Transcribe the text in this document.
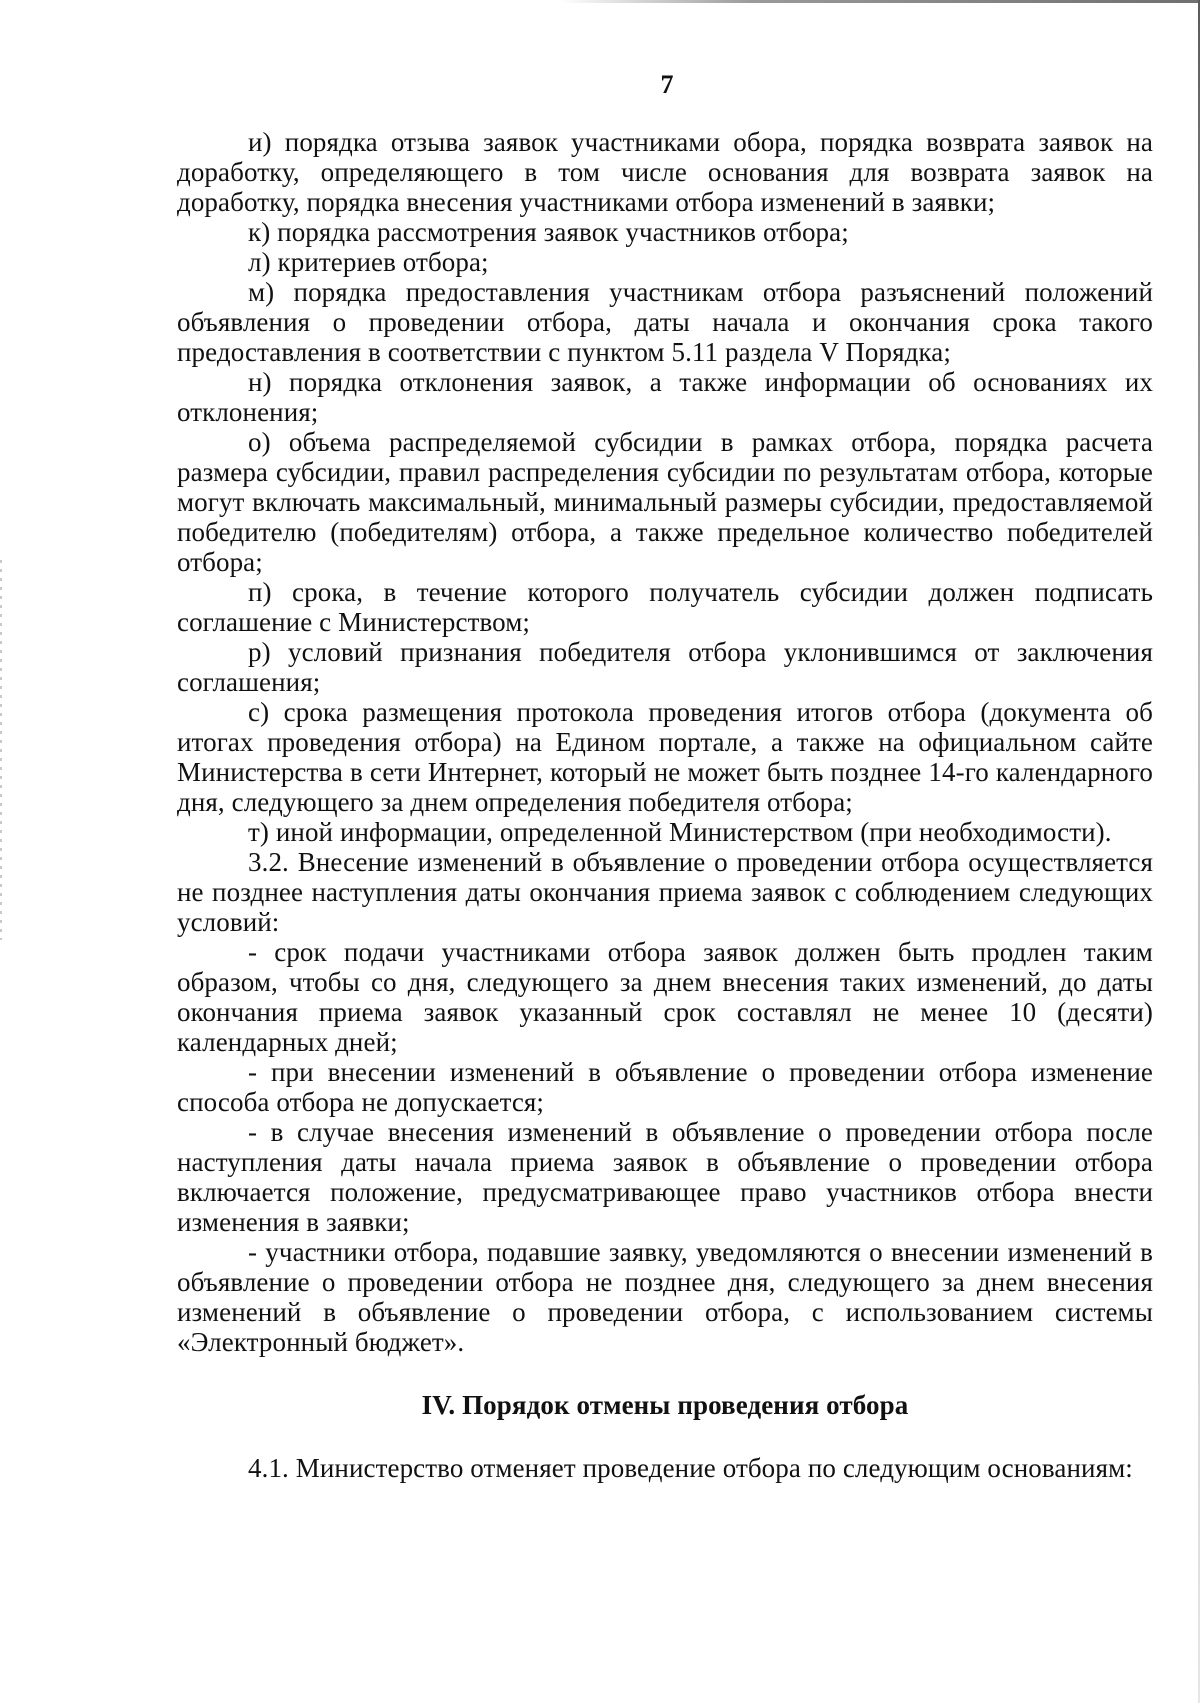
7

и) порядка отзыва заявок участниками обора, порядка возврата заявок на доработку, определяющего в том числе основания для возврата заявок на доработку, порядка внесения участниками отбора изменений в заявки;

к) порядка рассмотрения заявок участников отбора;

л) критериев отбора;

м) порядка предоставления участникам отбора разъяснений положений объявления о проведении отбора, даты начала и окончания срока такого предоставления в соответствии с пунктом 5.11 раздела V Порядка;

н) порядка отклонения заявок, а также информации об основаниях их отклонения;

о) объема распределяемой субсидии в рамках отбора, порядка расчета размера субсидии, правил распределения субсидии по результатам отбора, которые могут включать максимальный, минимальный размеры субсидии, предоставляемой победителю (победителям) отбора, а также предельное количество победителей отбора;

п) срока, в течение которого получатель субсидии должен подписать соглашение с Министерством;

р) условий признания победителя отбора уклонившимся от заключения соглашения;

с) срока размещения протокола проведения итогов отбора (документа об итогах проведения отбора) на Едином портале, а также на официальном сайте Министерства в сети Интернет, который не может быть позднее 14-го календарного дня, следующего за днем определения победителя отбора;

т) иной информации, определенной Министерством (при необходимости).

3.2. Внесение изменений в объявление о проведении отбора осуществляется не позднее наступления даты окончания приема заявок с соблюдением следующих условий:

- срок подачи участниками отбора заявок должен быть продлен таким образом, чтобы со дня, следующего за днем внесения таких изменений, до даты окончания приема заявок указанный срок составлял не менее 10 (десяти) календарных дней;

- при внесении изменений в объявление о проведении отбора изменение способа отбора не допускается;

- в случае внесения изменений в объявление о проведении отбора после наступления даты начала приема заявок в объявление о проведении отбора включается положение, предусматривающее право участников отбора внести изменения в заявки;

- участники отбора, подавшие заявку, уведомляются о внесении изменений в объявление о проведении отбора не позднее дня, следующего за днем внесения изменений в объявление о проведении отбора, с использованием системы «Электронный бюджет».

IV. Порядок отмены проведения отбора

4.1. Министерство отменяет проведение отбора по следующим основаниям:
